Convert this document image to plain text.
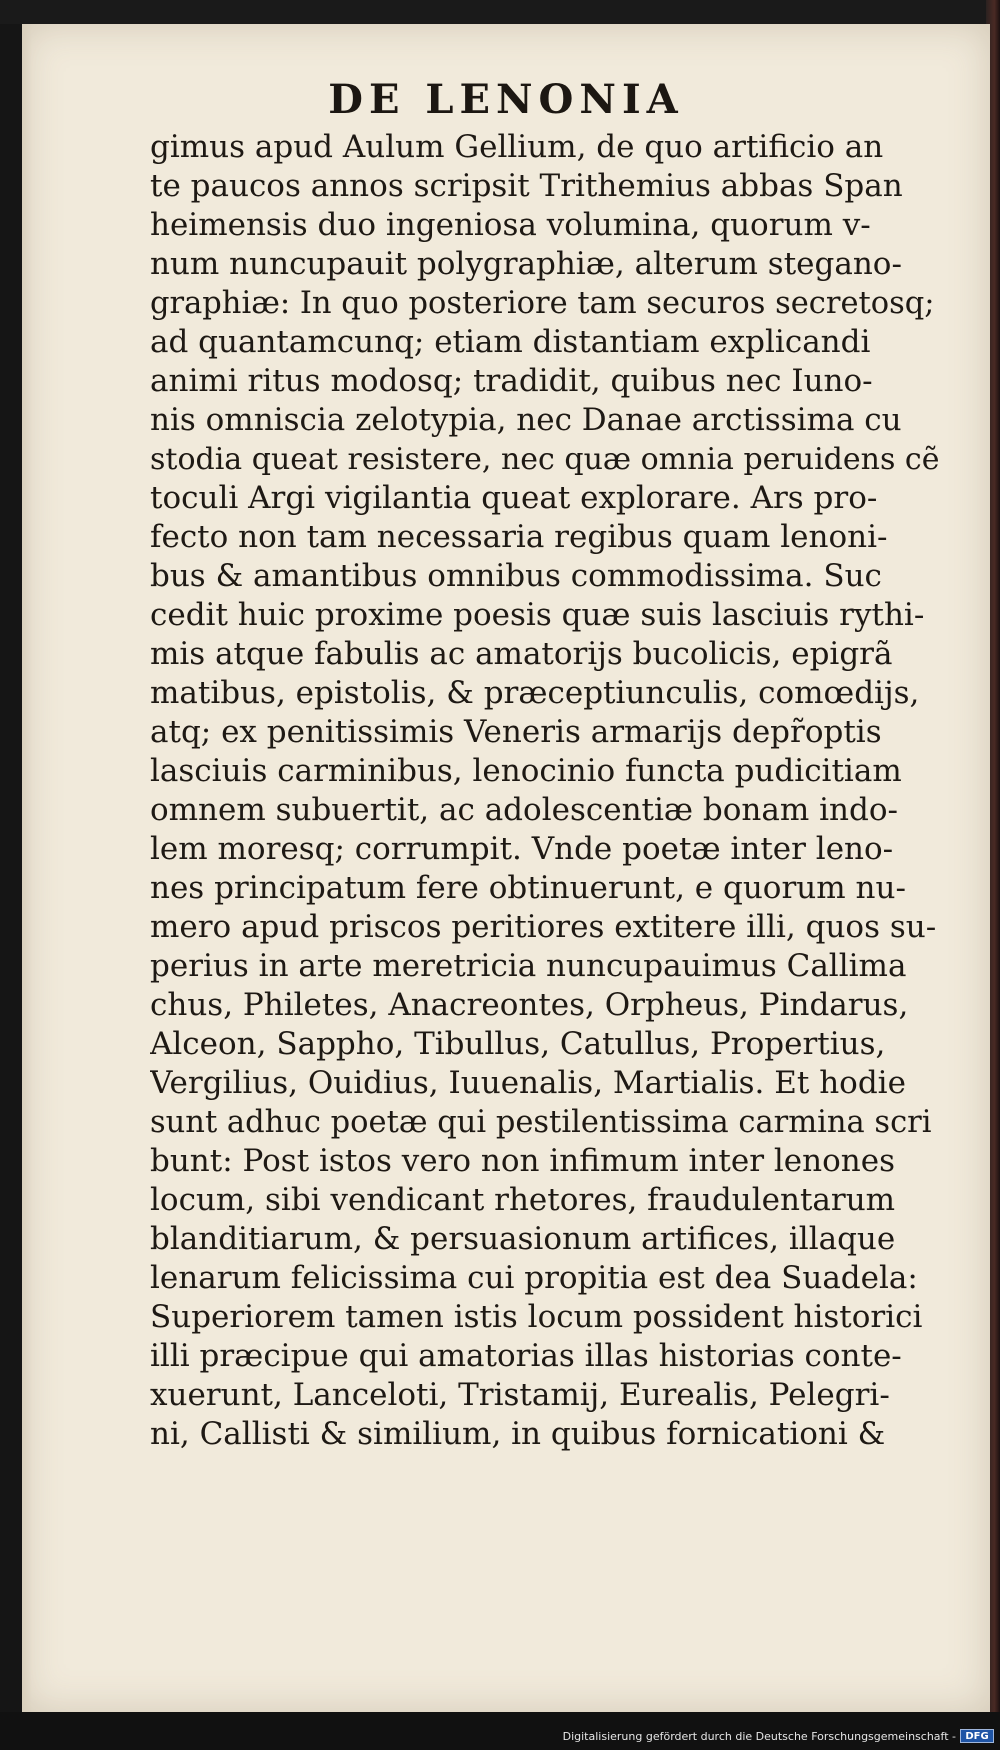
DE LENONIA
gimus apud Aulum Gellium, de quo artificio an
te paucos annos scripsit Trithemius abbas Span
heimensis duo ingeniosa volumina, quorum v-
num nuncupauit polygraphiæ, alterum stegano-
graphiæ: In quo posteriore tam securos secretosq;
ad quantamcunq; etiam distantiam explicandi
animi ritus modosq; tradidit, quibus nec Iuno-
nis omniscia zelotypia, nec Danae arctissima cu
stodia queat resistere, nec quæ omnia peruidens cẽ
toculi Argi vigilantia queat explorare. Ars pro-
fecto non tam necessaria regibus quam lenoni-
bus & amantibus omnibus commodissima. Suc
cedit huic proxime poesis quæ suis lasciuis rythi-
mis atque fabulis ac amatorijs bucolicis, epigrã
matibus, epistolis, & præceptiunculis, comœdijs,
atq; ex penitissimis Veneris armarijs depr̃optis
lasciuis carminibus, lenocinio functa pudicitiam
omnem subuertit, ac adolescentiæ bonam indo-
lem moresq; corrumpit. Vnde poetæ inter leno-
nes principatum fere obtinuerunt, e quorum nu-
mero apud priscos peritiores extitere illi, quos su-
perius in arte meretricia nuncupauimus Callima
chus, Philetes, Anacreontes, Orpheus, Pindarus,
Alceon, Sappho, Tibullus, Catullus, Propertius,
Vergilius, Ouidius, Iuuenalis, Martialis. Et hodie
sunt adhuc poetæ qui pestilentissima carmina scri
bunt: Post istos vero non infimum inter lenones
locum, sibi vendicant rhetores, fraudulentarum
blanditiarum, & persuasionum artifices, illaque
lenarum felicissima cui propitia est dea Suadela:
Superiorem tamen istis locum possident historici
illi præcipue qui amatorias illas historias conte-
xuerunt, Lanceloti, Tristamij, Eurealis, Pelegri-
ni, Callisti & similium, in quibus fornicationi &
Digitalisierung gefördert durch die Deutsche Forschungsgemeinschaft - DFG
